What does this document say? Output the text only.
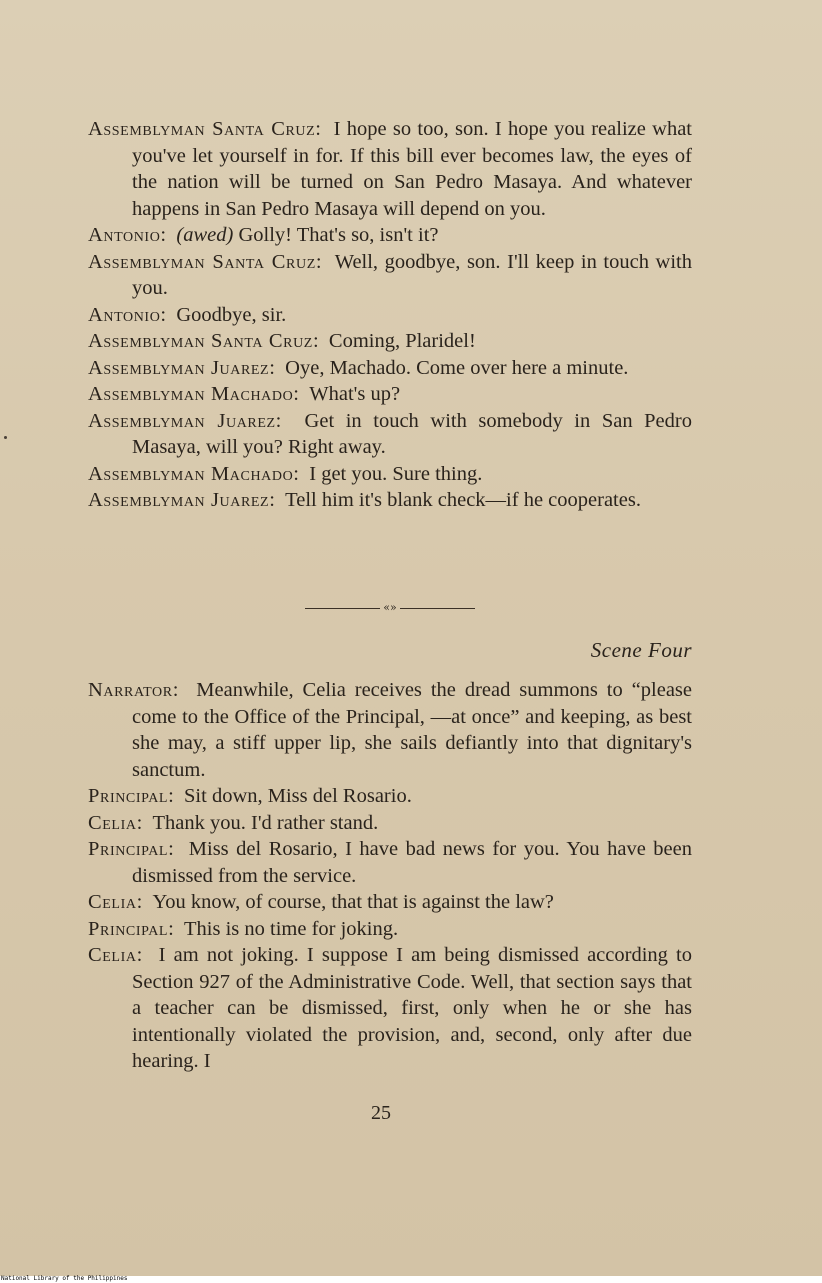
Assemblyman Santa Cruz:  I hope so too, son. I hope you realize what you've let yourself in for. If this bill ever becomes law, the eyes of the nation will be turned on San Pedro Masaya. And whatever happens in San Pedro Masaya will depend on you.

Antonio:  (awed) Golly! That's so, isn't it?

Assemblyman Santa Cruz:  Well, goodbye, son. I'll keep in touch with you.

Antonio:  Goodbye, sir.

Assemblyman Santa Cruz:  Coming, Plaridel!

Assemblyman Juarez:  Oye, Machado. Come over here a minute.

Assemblyman Machado:  What's up?

Assemblyman Juarez:  Get in touch with somebody in San Pedro Masaya, will you? Right away.

Assemblyman Machado:  I get you. Sure thing.

Assemblyman Juarez:  Tell him it's blank check—if he cooperates.

«»
Scene Four

Narrator:  Meanwhile, Celia receives the dread summons to “please come to the Office of the Principal, —at once” and keeping, as best she may, a stiff upper lip, she sails defiantly into that dignitary's sanctum.

Principal:  Sit down, Miss del Rosario.

Celia:  Thank you. I'd rather stand.

Principal:  Miss del Rosario, I have bad news for you. You have been dismissed from the service.

Celia:  You know, of course, that that is against the law?

Principal:  This is no time for joking.

Celia:  I am not joking. I suppose I am being dismissed according to Section 927 of the Administrative Code. Well, that section says that a teacher can be dismissed, first, only when he or she has intentionally violated the provision, and, second, only after due hearing. I

25
National Library of the Philippines
